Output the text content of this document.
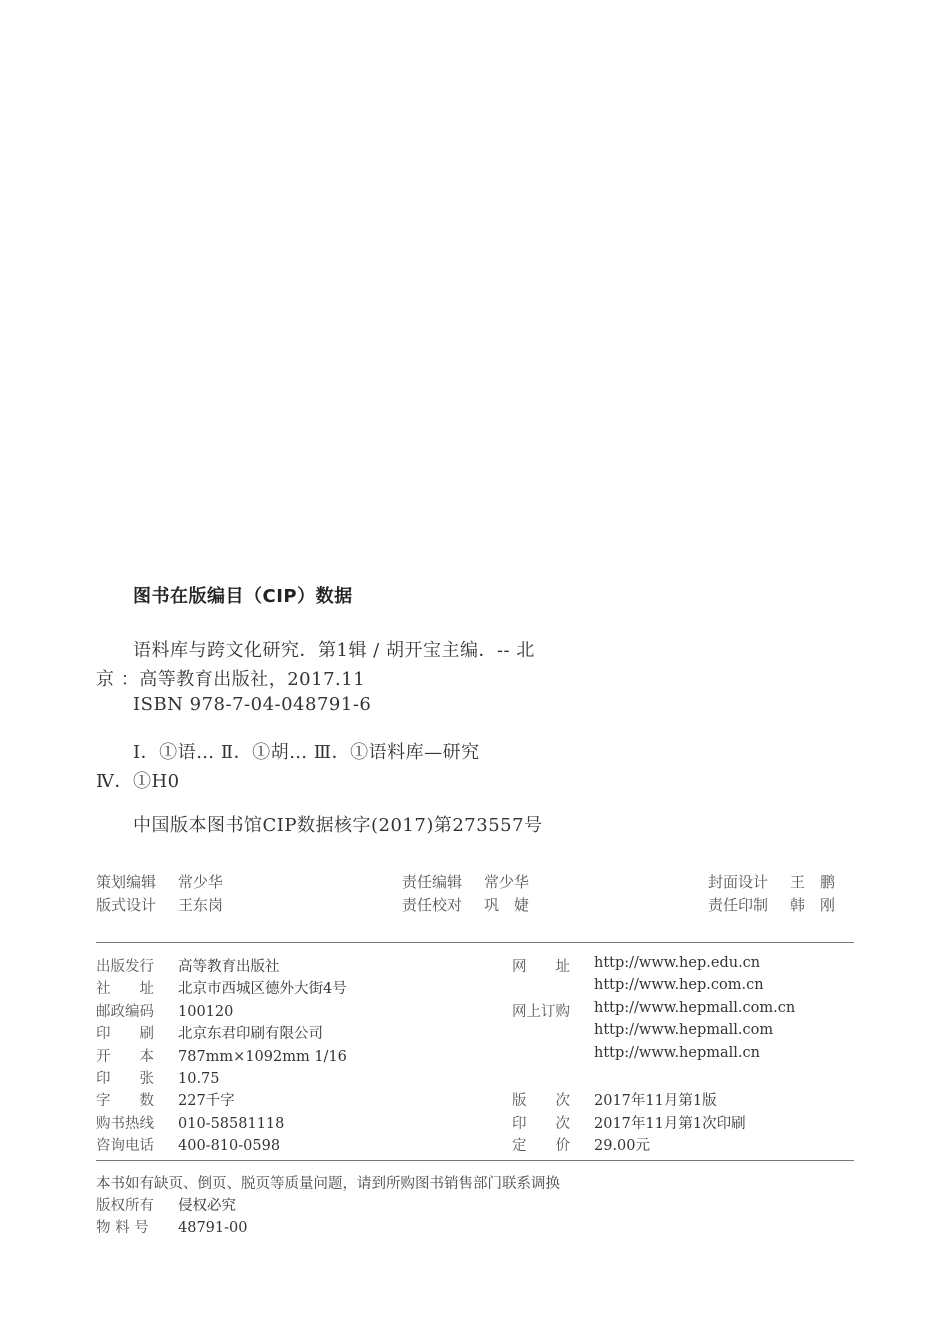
图书在版编目（CIP）数据
语料库与跨文化研究．第1辑 / 胡开宝主编．-- 北
京 ：高等教育出版社，2017.11
ISBN 978-7-04-048791-6
Ⅰ．①语… Ⅱ．①胡… Ⅲ．①语料库—研究
Ⅳ．①H0
中国版本图书馆CIP数据核字(2017)第273557号
策划编辑 常少华
版式设计 王东岗
责任编辑 常少华
责任校对 巩　婕
封面设计 王　鹏
责任印制 韩　刚
出版发行 高等教育出版社
社　　址 北京市西城区德外大街4号
邮政编码 100120
印　　刷 北京东君印刷有限公司
开　　本 787mm×1092mm 1/16
印　　张 10.75
字　　数 227千字
购书热线 010-58581118
咨询电话 400-810-0598
网　　址 http://www.hep.edu.cn
http://www.hep.com.cn
网上订购 http://www.hepmall.com.cn
http://www.hepmall.com
http://www.hepmall.cn
版　　次 2017年11月第1版
印　　次 2017年11月第1次印刷
定　　价 29.00元
本书如有缺页、倒页、脱页等质量问题，请到所购图书销售部门联系调换
版权所有 侵权必究
物 料 号 48791-00
